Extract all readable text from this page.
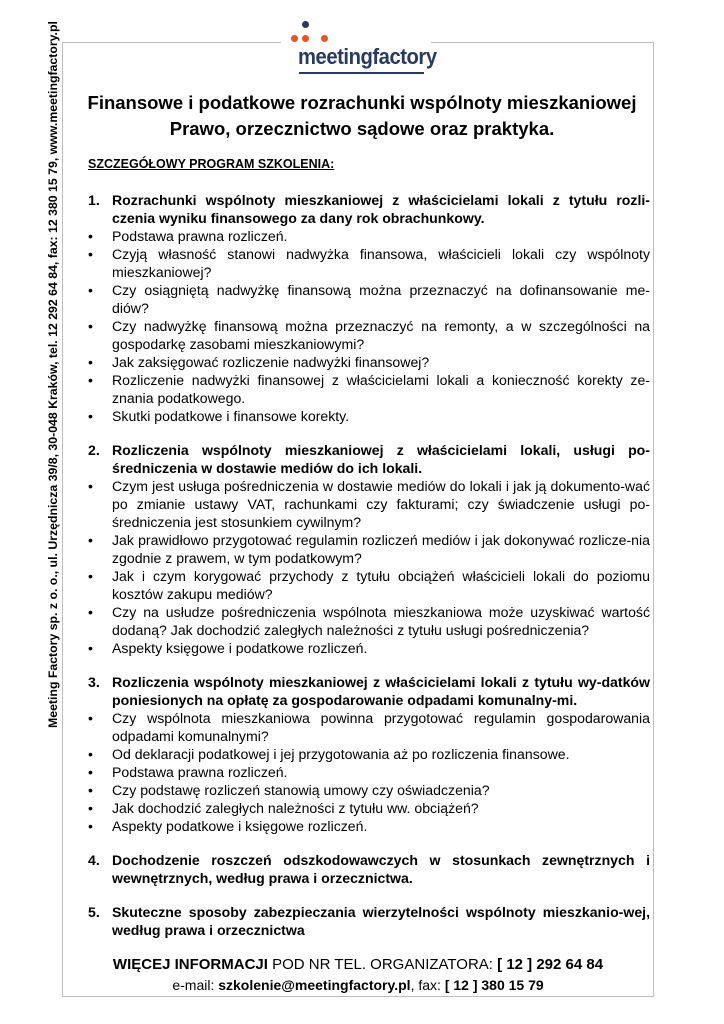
meetingfactory
Meeting Factory sp. z o. o., ul. Urzędnicza 39/8, 30-048 Kraków, tel. 12 292 64 84, fax: 12 380 15 79, www.meetingfactory.pl	Finansowe i podatkowe rozrachunki wspólnoty mieszkaniowej
Prawo, orzecznictwo sądowe oraz praktyka.
SZCZEGÓŁOWY PROGRAM SZKOLENIA:
1. Rozrachunki wspólnoty mieszkaniowej z właścicielami lokali z tytułu rozli-czenia wyniku finansowego za dany rok obrachunkowy.
•	Podstawa prawna rozliczeń.
•	Czyją własność stanowi nadwyżka finansowa, właścicieli lokali czy wspólnoty mieszkaniowej?
•	Czy osiągniętą nadwyżkę finansową można przeznaczyć na dofinansowanie me-diów?
•	Czy nadwyżkę finansową można przeznaczyć na remonty, a w szczególności na gospodarkę zasobami mieszkaniowymi?
•	Jak zaksięgować rozliczenie nadwyżki finansowej?
•	Rozliczenie nadwyżki finansowej z właścicielami lokali a konieczność korekty ze-znania podatkowego.
•	Skutki podatkowe i finansowe korekty.
2. Rozliczenia wspólnoty mieszkaniowej z właścicielami lokali, usługi po-średniczenia w dostawie mediów do ich lokali.
•	Czym jest usługa pośredniczenia w dostawie mediów do lokali i jak ją dokumento-wać po zmianie ustawy VAT, rachunkami czy fakturami; czy świadczenie usługi po-średniczenia jest stosunkiem cywilnym?
•	Jak prawidłowo przygotować regulamin rozliczeń mediów i jak dokonywać rozlicze-nia zgodnie z prawem, w tym podatkowym?
•	Jak i czym korygować przychody z tytułu obciążeń właścicieli lokali do poziomu kosztów zakupu mediów?
•	Czy na usłudze pośredniczenia wspólnota mieszkaniowa może uzyskiwać wartość dodaną? Jak dochodzić zaległych należności z tytułu usługi pośredniczenia?
•	Aspekty księgowe i podatkowe rozliczeń.
3. Rozliczenia wspólnoty mieszkaniowej z właścicielami lokali z tytułu wy-datków poniesionych na opłatę za gospodarowanie odpadami komunalny-mi.
•	Czy wspólnota mieszkaniowa powinna przygotować regulamin gospodarowania odpadami komunalnymi?
•	Od deklaracji podatkowej i jej przygotowania aż po rozliczenia finansowe.
•	Podstawa prawna rozliczeń.
•	Czy podstawę rozliczeń stanowią umowy czy oświadczenia?
•	Jak dochodzić zaległych należności z tytułu ww. obciążeń?
•	Aspekty podatkowe i księgowe rozliczeń.
4. Dochodzenie roszczeń odszkodowawczych w stosunkach zewnętrznych i wewnętrznych, według prawa i orzecznictwa.
5. Skuteczne sposoby zabezpieczania wierzytelności wspólnoty mieszkanio-wej, według prawa i orzecznictwa
WIĘCEJ INFORMACJI POD NR TEL. ORGANIZATORA: [ 12 ] 292 64 84
e-mail: szkolenie@meetingfactory.pl, fax: [ 12 ] 380 15 79
